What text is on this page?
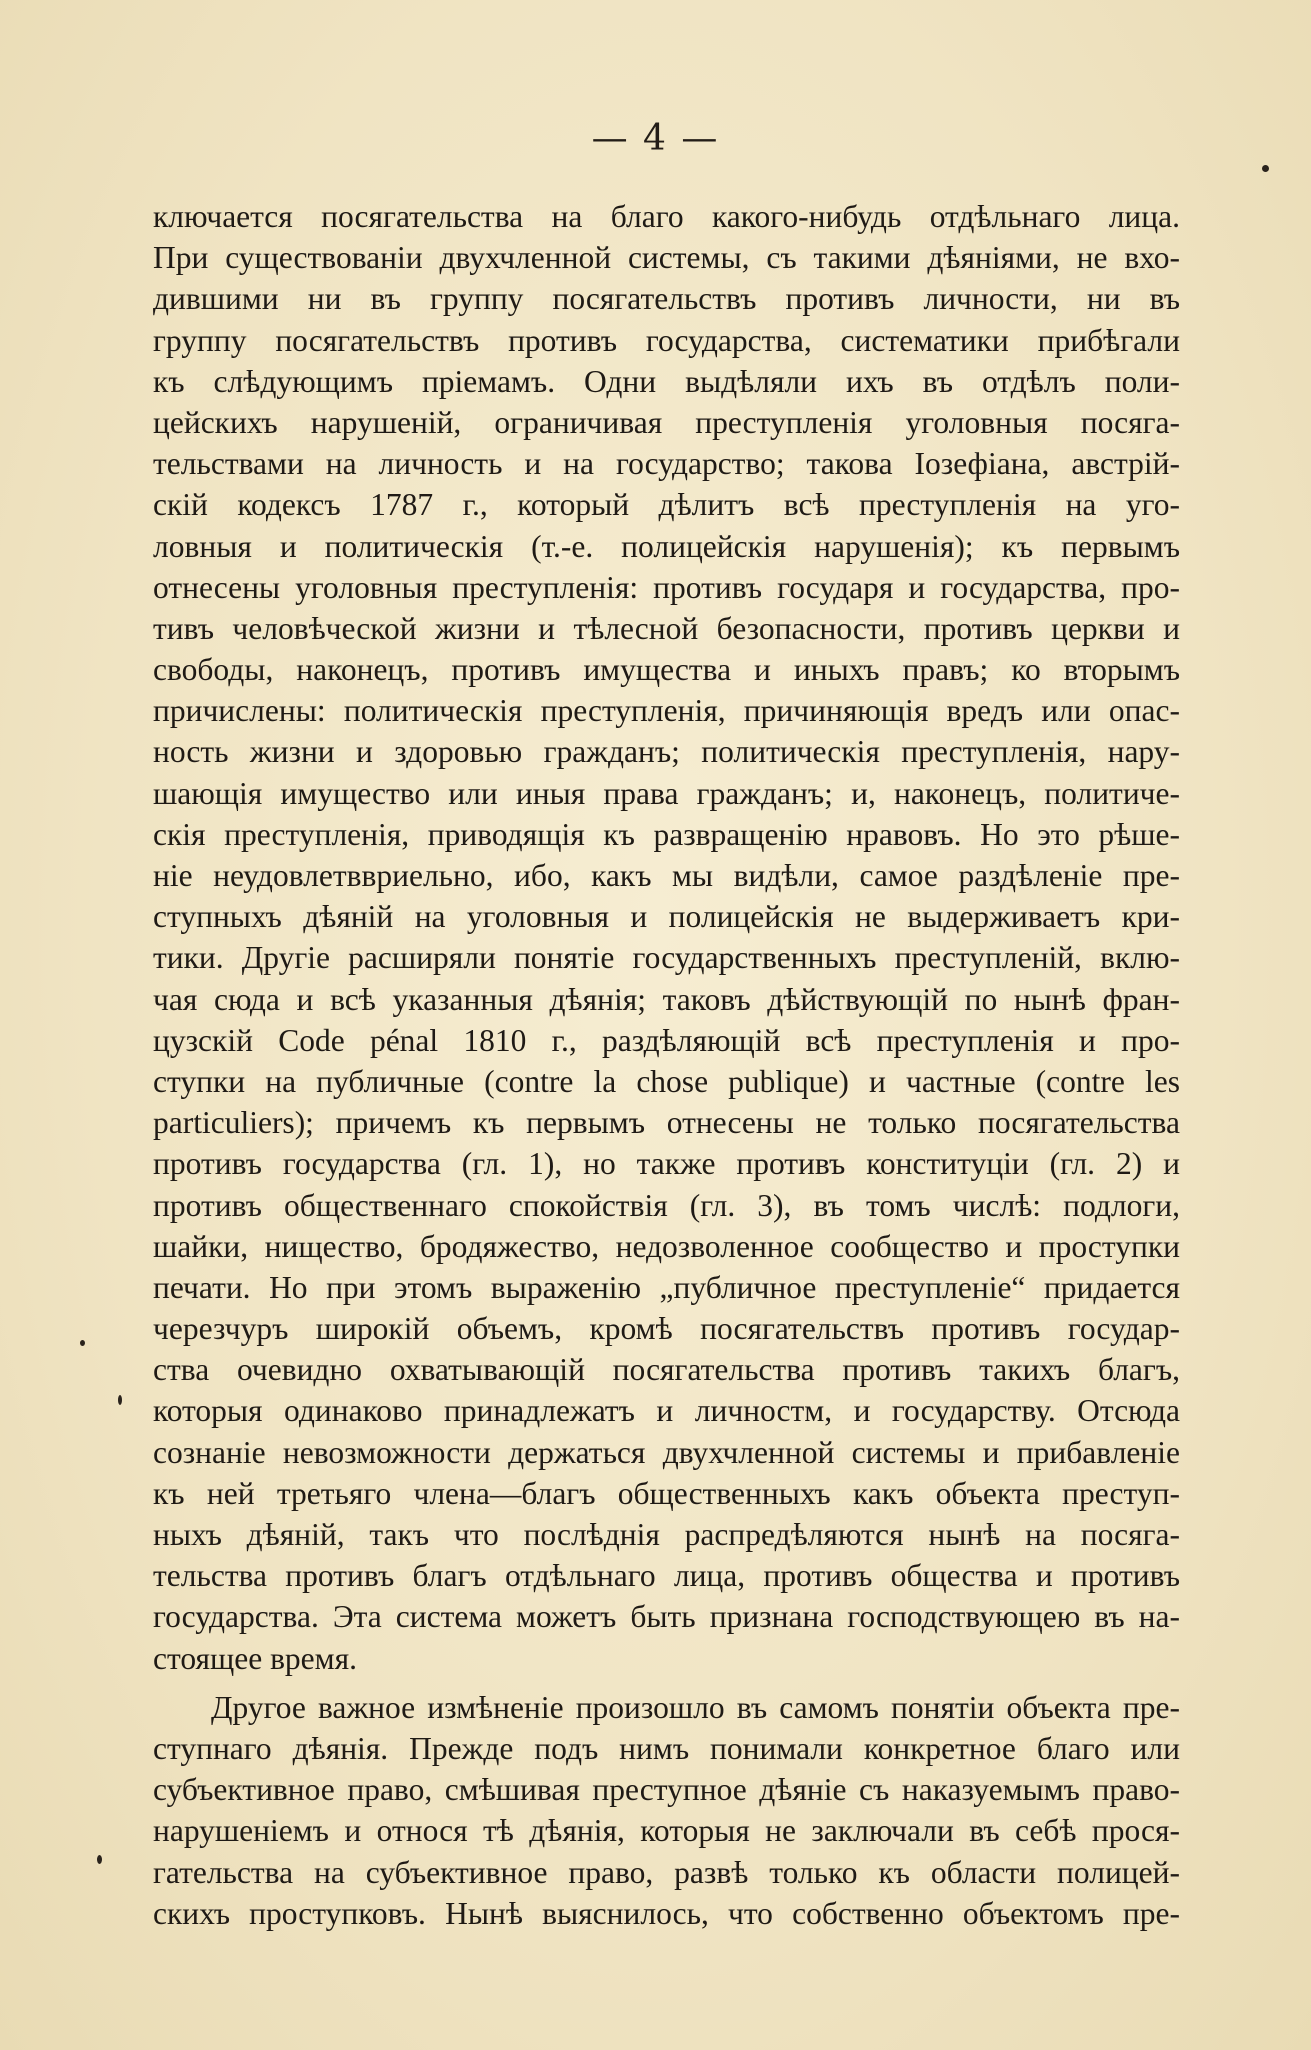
— 4 —
ключается посягательства на благо какого-нибудь отдѣльнаго лица.
При существованіи двухчленной системы, съ такими дѣяніями, не вхо-
дившими ни въ группу посягательствъ противъ личности, ни въ
группу посягательствъ противъ государства, систематики прибѣгали
къ слѣдующимъ пріемамъ. Одни выдѣляли ихъ въ отдѣлъ поли-
цейскихъ нарушеній, ограничивая преступленія уголовныя посяга-
тельствами на личность и на государство; такова Іозефіана, австрій-
скій кодексъ 1787 г., который дѣлитъ всѣ преступленія на уго-
ловныя и политическія (т.-е. полицейскія нарушенія); къ первымъ
отнесены уголовныя преступленія: противъ государя и государства, про-
тивъ человѣческой жизни и тѣлесной безопасности, противъ церкви и
свободы, наконецъ, противъ имущества и иныхъ правъ; ко вторымъ
причислены: политическія преступленія, причиняющія вредъ или опас-
ность жизни и здоровью гражданъ; политическія преступленія, нару-
шающія имущество или иныя права гражданъ; и, наконецъ, политиче-
скія преступленія, приводящія къ развращенію нравовъ. Но это рѣше-
ніе неудовлетввриельно, ибо, какъ мы видѣли, самое раздѣленіе пре-
ступныхъ дѣяній на уголовныя и полицейскія не выдерживаетъ кри-
тики. Другіе расширяли понятіе государственныхъ преступленій, вклю-
чая сюда и всѣ указанныя дѣянія; таковъ дѣйствующій по нынѣ фран-
цузскій Code pénal 1810 г., раздѣляющій всѣ преступленія и про-
ступки на публичные (contre la chose publique) и частные (contre les
particuliers); причемъ къ первымъ отнесены не только посягательства
противъ государства (гл. 1), но также противъ конституціи (гл. 2) и
противъ общественнаго спокойствія (гл. 3), въ томъ числѣ: подлоги,
шайки, нищество, бродяжество, недозволенное сообщество и проступки
печати. Но при этомъ выраженію „публичное преступленіе“ придается
черезчуръ широкій объемъ, кромѣ посягательствъ противъ государ-
ства очевидно охватывающій посягательства противъ такихъ благъ,
которыя одинаково принадлежатъ и личностм, и государству. Отсюда
сознаніе невозможности держаться двухчленной системы и прибавленіе
къ ней третьяго члена—благъ общественныхъ какъ объекта преступ-
ныхъ дѣяній, такъ что послѣднія распредѣляются нынѣ на посяга-
тельства противъ благъ отдѣльнаго лица, противъ общества и противъ
государства. Эта система можетъ быть признана господствующею въ на-
стоящее время.
Другое важное измѣненіе произошло въ самомъ понятіи объекта пре-
ступнаго дѣянія. Прежде подъ нимъ понимали конкретное благо или
субъективное право, смѣшивая преступное дѣяніе съ наказуемымъ право-
нарушеніемъ и относя тѣ дѣянія, которыя не заключали въ себѣ прося-
гательства на субъективное право, развѣ только къ области полицей-
скихъ проступковъ. Нынѣ выяснилось, что собственно объектомъ пре-
